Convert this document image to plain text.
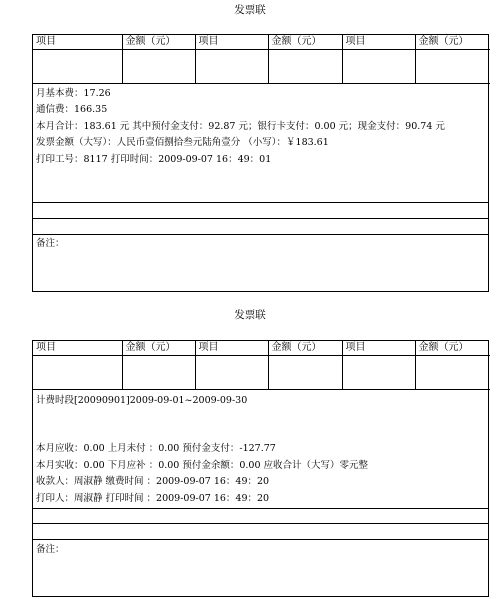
发票联
项目	金额（元）	项目	金额（元）	项目	金额（元）

月基本费：17.26
通信费：166.35
本月合计：183.61 元 其中预付金支付：92.87 元；银行卡支付：0.00 元；现金支付：90.74 元
发票金额（大写）：人民币壹佰捌拾叁元陆角壹分 （小写）：￥183.61
打印工号：8117 打印时间：2009-09-07 16：49：01
备注：
发票联
项目	金额（元）	项目	金额（元）	项目	金额（元）

计费时段[20090901]2009-09-01~2009-09-30
本月应收：0.00 上月未付 ：0.00 预付金支付：-127.77
本月实收：0.00 下月应补 ：0.00 预付金余额：0.00 应收合计（大写）零元整
收款人：周淑静 缴费时间 ：2009-09-07 16：49：20
打印人：周淑静 打印时间 ：2009-09-07 16：49：20
备注：
